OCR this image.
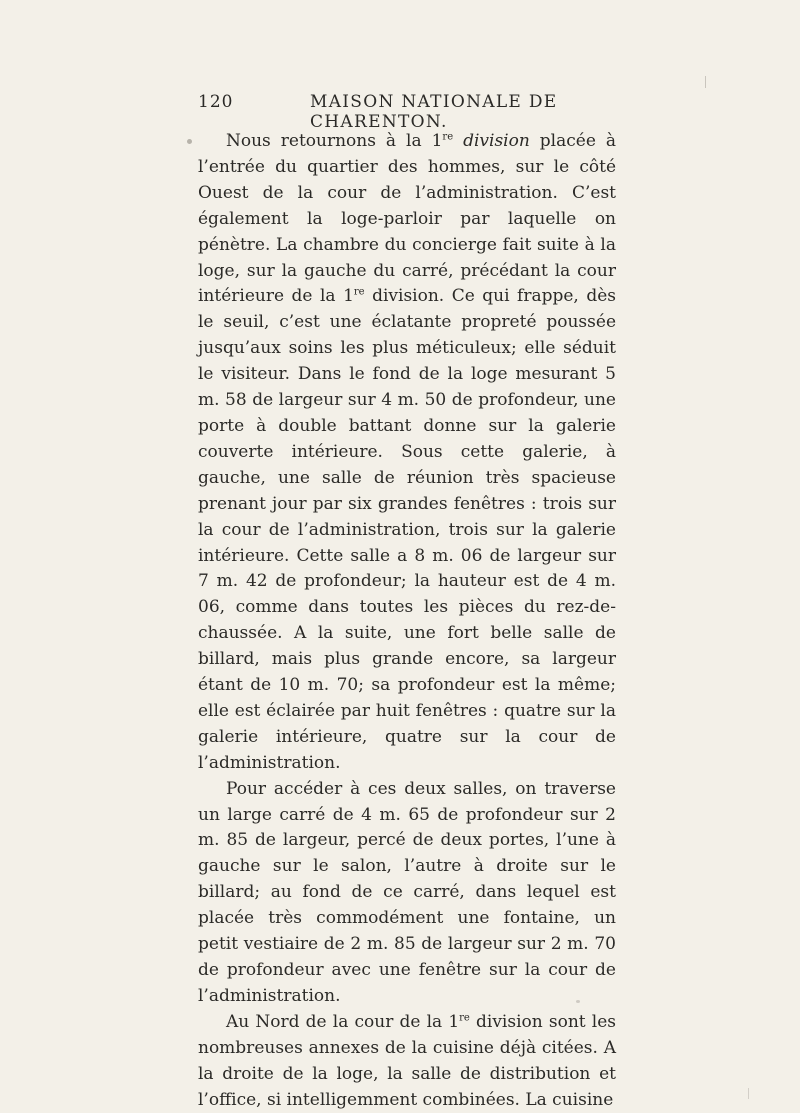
120	MAISON NATIONALE DE CHARENTON.

Nous retournons à la 1re division placée à l’entrée du quartier des hommes, sur le côté Ouest de la cour de l’administration. C’est également la loge-parloir par laquelle on pénètre. La chambre du concierge fait suite à la loge, sur la gauche du carré, précédant la cour intérieure de la 1re division. Ce qui frappe, dès le seuil, c’est une éclatante propreté poussée jusqu’aux soins les plus méticuleux; elle séduit le visiteur. Dans le fond de la loge mesurant 5 m. 58 de largeur sur 4 m. 50 de profondeur, une porte à double battant donne sur la galerie couverte intérieure. Sous cette galerie, à gauche, une salle de réunion très spacieuse prenant jour par six grandes fenêtres : trois sur la cour de l’administration, trois sur la galerie intérieure. Cette salle a 8 m. 06 de largeur sur 7 m. 42 de profondeur; la hauteur est de 4 m. 06, comme dans toutes les pièces du rez-de-chaussée. A la suite, une fort belle salle de billard, mais plus grande encore, sa largeur étant de 10 m. 70; sa profondeur est la même; elle est éclairée par huit fenêtres : quatre sur la galerie intérieure, quatre sur la cour de l’administration.

Pour accéder à ces deux salles, on traverse un large carré de 4 m. 65 de profondeur sur 2 m. 85 de largeur, percé de deux portes, l’une à gauche sur le salon, l’autre à droite sur le billard; au fond de ce carré, dans lequel est placée très commodément une fontaine, un petit vestiaire de 2 m. 85 de largeur sur 2 m. 70 de profondeur avec une fenêtre sur la cour de l’administration.

Au Nord de la cour de la 1re division sont les nombreuses annexes de la cuisine déjà citées. A la droite de la loge, la salle de distribution et l’office, si intelligemment combinées. La cuisine
